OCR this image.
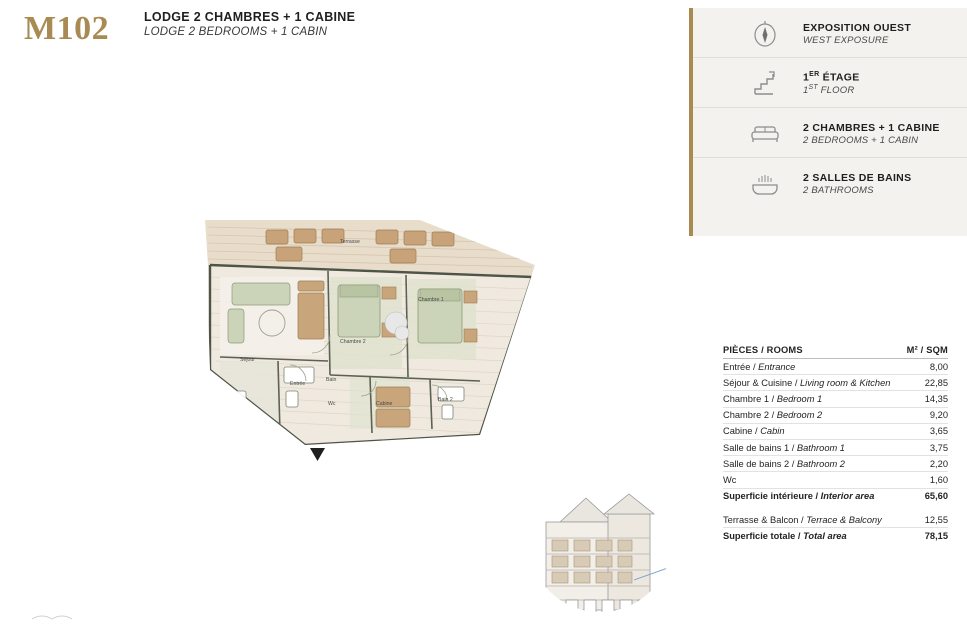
M102	LODGE 2 CHAMBRES + 1 CABINE
LODGE 2 BEDROOMS + 1 CABIN	EXPOSITION OUEST
WEST EXPOSURE
1ER ÉTAGE
1ST FLOOR
2 CHAMBRES + 1 CABINE
2 BEDROOMS + 1 CABIN
2 SALLES DE BAINS
2 BATHROOMS
Terrasse
Chambre 1
Chambre 2
Séjour
Entrée
Bain
Wc	Cabine
Bain 2
PIÈCES / ROOMS	M² / SQM
Entrée / Entrance	8,00
Séjour & Cuisine / Living room & Kitchen	22,85
Chambre 1 / Bedroom 1	14,35
Chambre 2 / Bedroom 2	9,20
Cabine / Cabin	3,65
Salle de bains 1 / Bathroom 1	3,75
Salle de bains 2 / Bathroom 2	2,20
Wc	1,60
Superficie intérieure / Interior area	65,60
Terrasse & Balcon / Terrace & Balcony	12,55
Superficie totale / Total area	78,15
